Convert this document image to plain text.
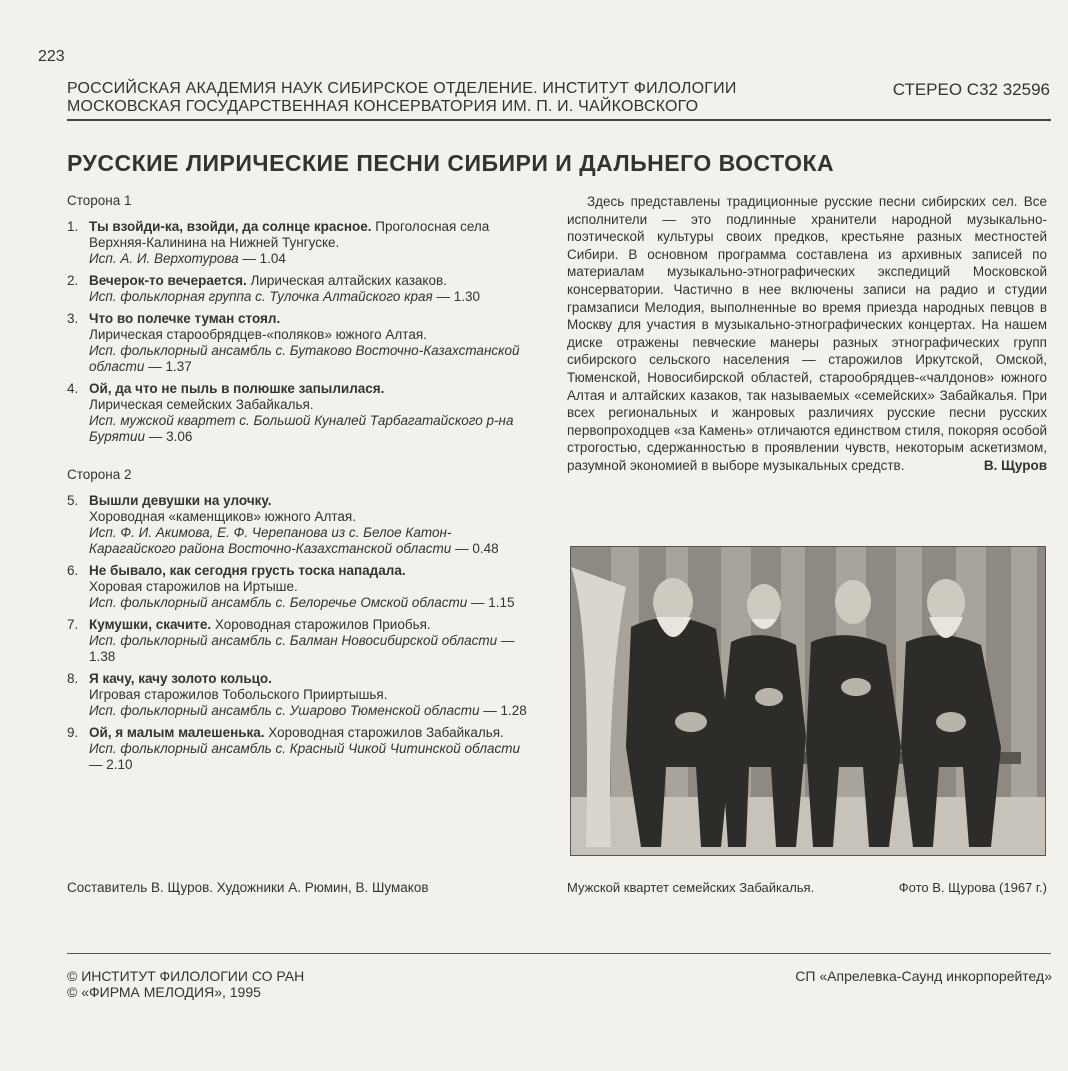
223
РОССИЙСКАЯ АКАДЕМИЯ НАУК СИБИРСКОЕ ОТДЕЛЕНИЕ. ИНСТИТУТ ФИЛОЛОГИИ
МОСКОВСКАЯ ГОСУДАРСТВЕННАЯ КОНСЕРВАТОРИЯ ИМ. П. И. ЧАЙКОВСКОГО
СТЕРЕО С32 32596
РУССКИЕ ЛИРИЧЕСКИЕ ПЕСНИ СИБИРИ И ДАЛЬНЕГО ВОСТОКА
Сторона 1
1. Ты взойди-ка, взойди, да солнце красное. Проголосная села Верхняя-Калинина на Нижней Тунгуске.
Исп. А. И. Верхотурова — 1.04
2. Вечерок-то вечерается. Лирическая алтайских казаков.
Исп. фольклорная группа с. Тулочка Алтайского края — 1.30
3. Что во полечке туман стоял.
Лирическая старообрядцев-«поляков» южного Алтая.
Исп. фольклорный ансамбль с. Бутаково Восточно-Казахстанской области — 1.37
4. Ой, да что не пыль в полюшке запылилася.
Лирическая семейских Забайкалья.
Исп. мужской квартет с. Большой Куналей Тарбагатайского р-на Бурятии — 3.06
Сторона 2
5. Вышли девушки на улочку.
Хороводная «каменщиков» южного Алтая.
Исп. Ф. И. Акимова, Е. Ф. Черепанова из с. Белое Катон-Карагайского района Восточно-Казахстанской области — 0.48
6. Не бывало, как сегодня грусть тоска нападала.
Хоровая старожилов на Иртыше.
Исп. фольклорный ансамбль с. Белоречье Омской области — 1.15
7. Кумушки, скачите. Хороводная старожилов Приобья.
Исп. фольклорный ансамбль с. Балман Новосибирской области — 1.38
8. Я качу, качу золото кольцо.
Игровая старожилов Тобольского Прииртышья.
Исп. фольклорный ансамбль с. Ушарово Тюменской области — 1.28
9. Ой, я малым малешенька. Хороводная старожилов Забайкалья. Исп. фольклорный ансамбль с. Красный Чикой Читинской области — 2.10
Здесь представлены традиционные русские песни сибирских сел. Все исполнители — это подлинные хранители народной музыкально-поэтической культуры своих предков, крестьяне разных местностей Сибири. В основном программа составлена из архивных записей по материалам музыкально-этнографических экспедиций Московской консерватории. Частично в нее включены записи на радио и студии грамзаписи Мелодия, выполненные во время приезда народных певцов в Москву для участия в музыкально-этнографических концертах. На нашем диске отражены певческие манеры разных этнографических групп сибирского сельского населения — старожилов Иркутской, Омской, Тюменской, Новосибирской областей, старообрядцев-«чалдонов» южного Алтая и алтайских казаков, так называемых «семейских» Забайкалья. При всех региональных и жанровых различиях русские песни русских первопроходцев «за Камень» отличаются единством стиля, покоряя особой строгостью, сдержанностью в проявлении чувств, некоторым аскетизмом, разумной экономией в выборе музыкальных средств.	В. Щуров
Мужской квартет семейских Забайкалья.	Фото В. Щурова (1967 г.)
Составитель В. Щуров. Художники А. Рюмин, В. Шумаков
© ИНСТИТУТ ФИЛОЛОГИИ СО РАН
© «ФИРМА МЕЛОДИЯ», 1995
СП «Апрелевка-Саунд инкорпорейтед»
